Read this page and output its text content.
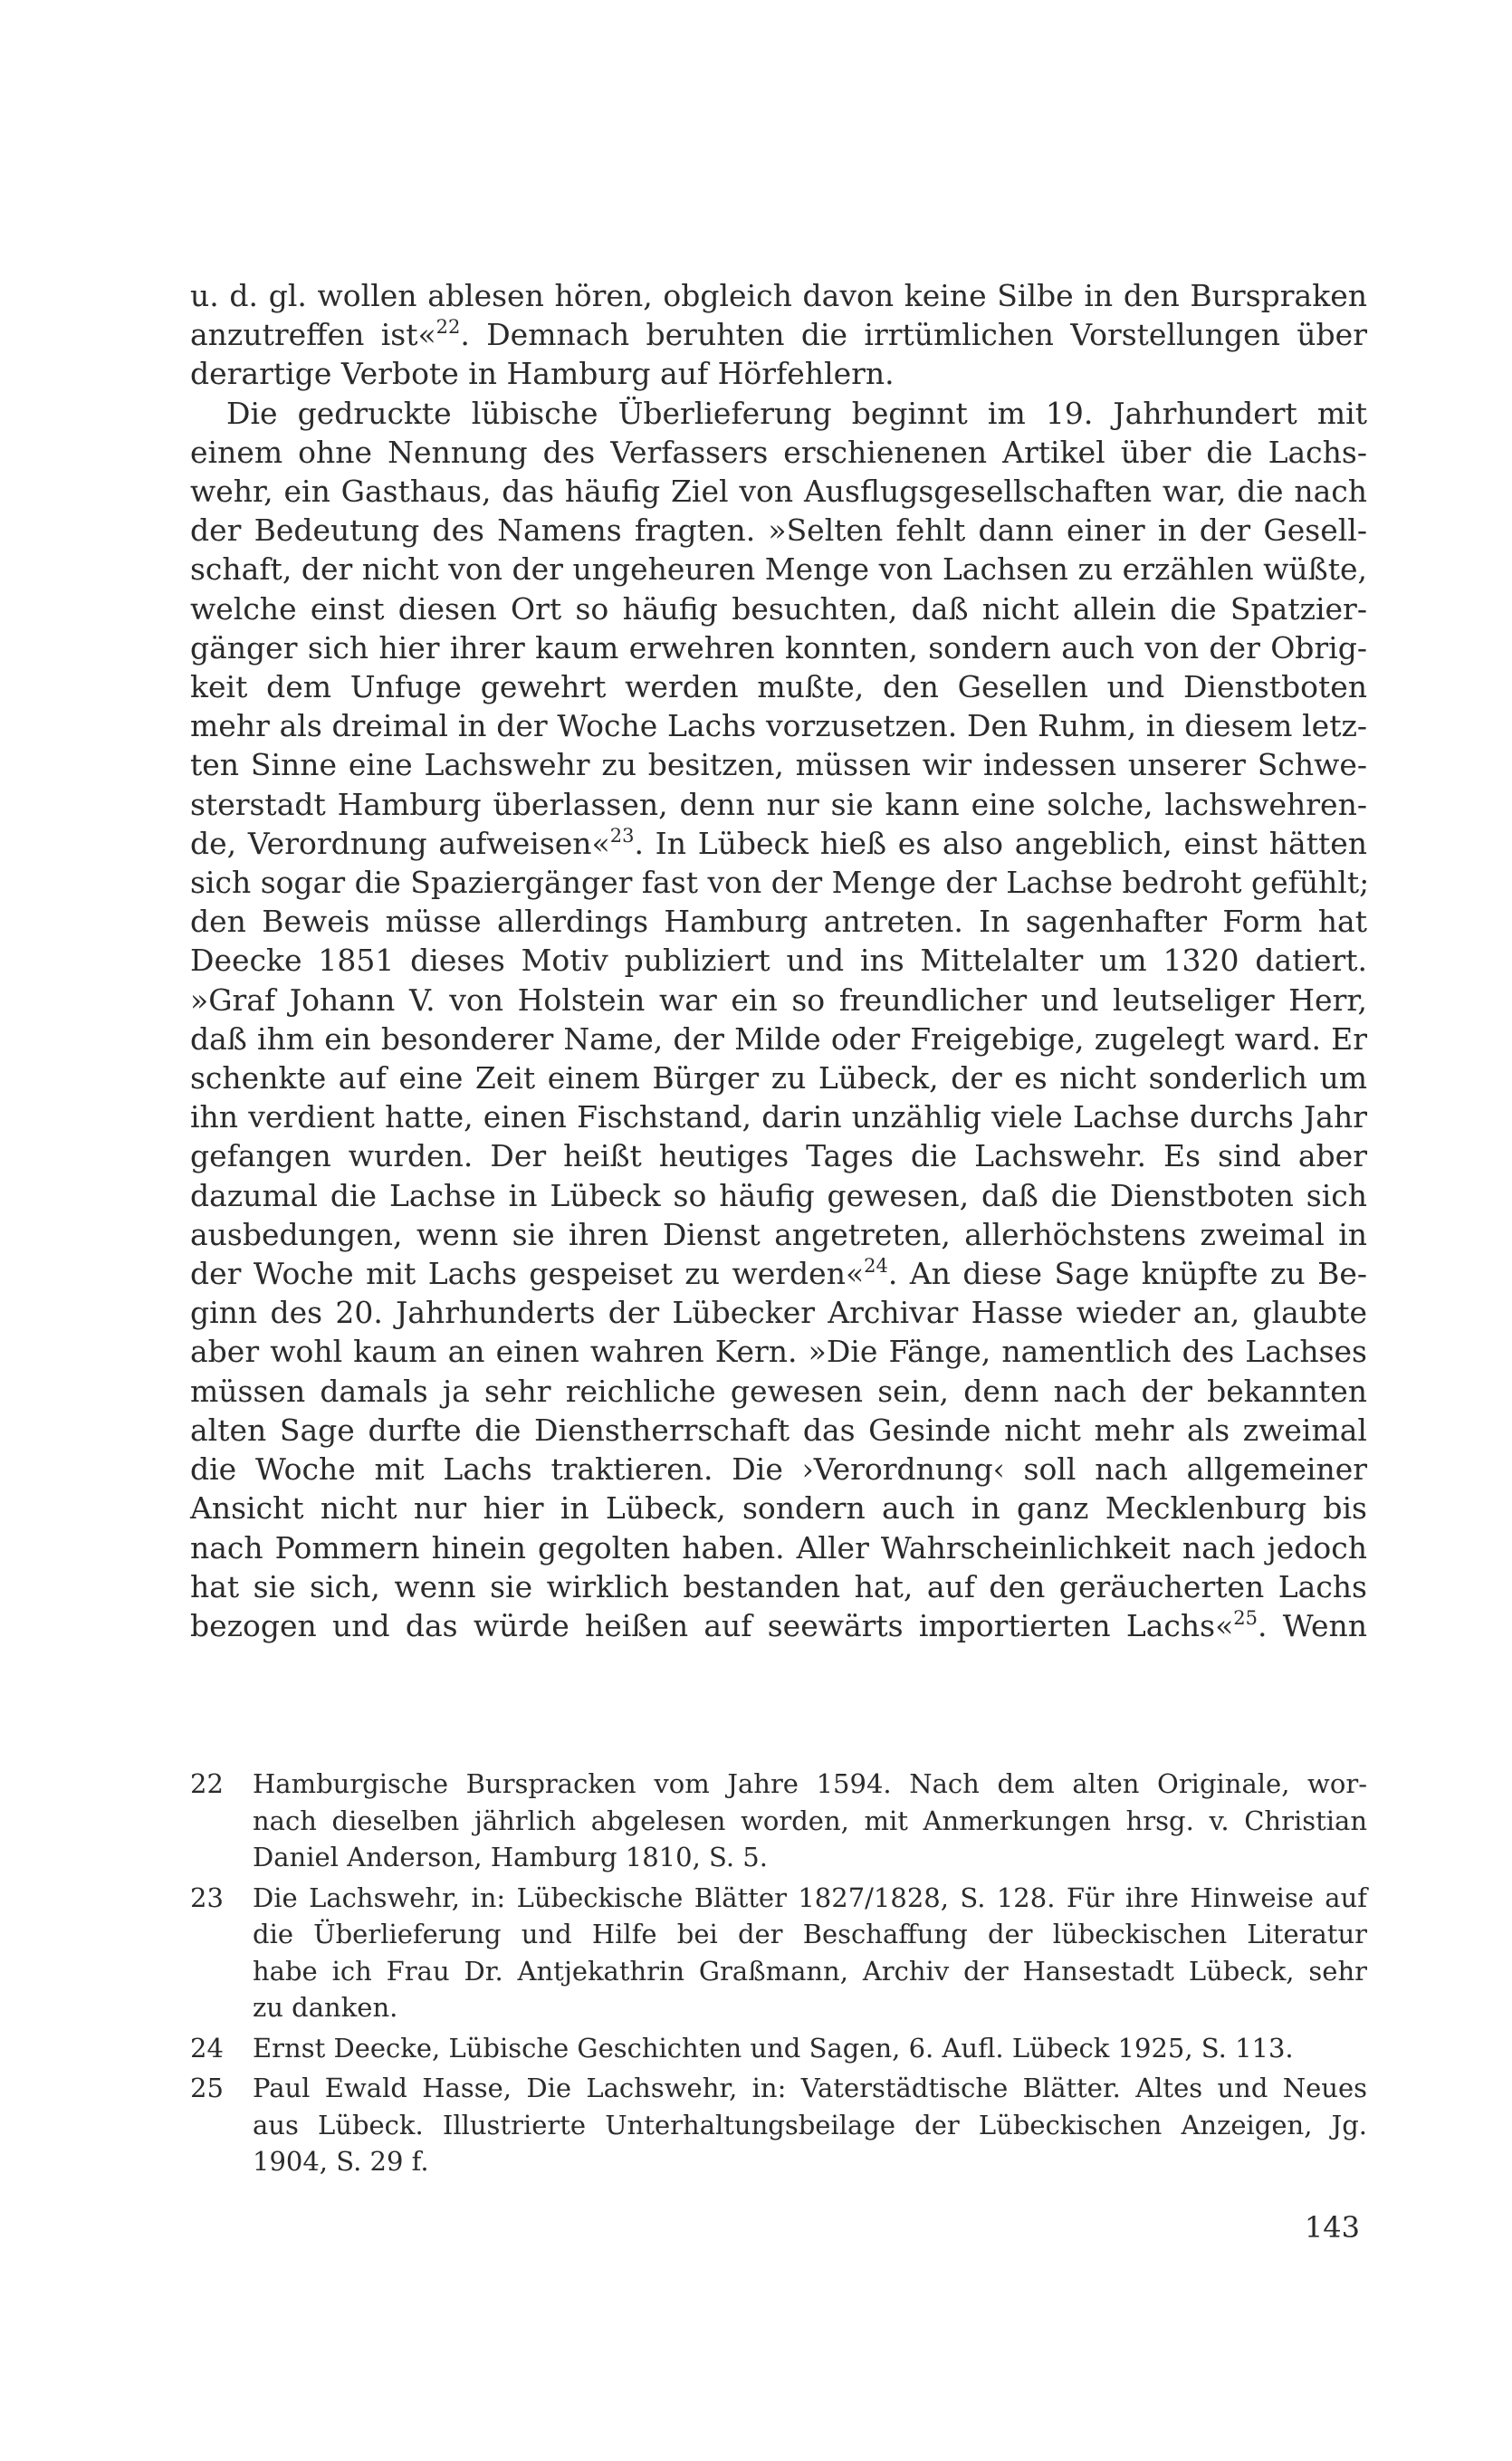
u. d. gl. wollen ablesen hören, obgleich davon keine Silbe in den Burspraken
anzutreffen ist«$^{22}$. Demnach beruhten die irrtümlichen Vorstellungen über
derartige Verbote in Hamburg auf Hörfehlern.
Die gedruckte lübische Überlieferung beginnt im 19. Jahrhundert mit
einem ohne Nennung des Verfassers erschienenen Artikel über die Lachs-
wehr, ein Gasthaus, das häufig Ziel von Ausflugsgesellschaften war, die nach
der Bedeutung des Namens fragten. »Selten fehlt dann einer in der Gesell-
schaft, der nicht von der ungeheuren Menge von Lachsen zu erzählen wüßte,
welche einst diesen Ort so häufig besuchten, daß nicht allein die Spatzier-
gänger sich hier ihrer kaum erwehren konnten, sondern auch von der Obrig-
keit dem Unfuge gewehrt werden mußte, den Gesellen und Dienstboten
mehr als dreimal in der Woche Lachs vorzusetzen. Den Ruhm, in diesem letz-
ten Sinne eine Lachswehr zu besitzen, müssen wir indessen unserer Schwe-
sterstadt Hamburg überlassen, denn nur sie kann eine solche, lachswehren-
de, Verordnung aufweisen«$^{23}$. In Lübeck hieß es also angeblich, einst hätten
sich sogar die Spaziergänger fast von der Menge der Lachse bedroht gefühlt;
den Beweis müsse allerdings Hamburg antreten. In sagenhafter Form hat
Deecke 1851 dieses Motiv publiziert und ins Mittelalter um 1320 datiert.
»Graf Johann V. von Holstein war ein so freundlicher und leutseliger Herr,
daß ihm ein besonderer Name, der Milde oder Freigebige, zugelegt ward. Er
schenkte auf eine Zeit einem Bürger zu Lübeck, der es nicht sonderlich um
ihn verdient hatte, einen Fischstand, darin unzählig viele Lachse durchs Jahr
gefangen wurden. Der heißt heutiges Tages die Lachswehr. Es sind aber
dazumal die Lachse in Lübeck so häufig gewesen, daß die Dienstboten sich
ausbedungen, wenn sie ihren Dienst angetreten, allerhöchstens zweimal in
der Woche mit Lachs gespeiset zu werden«$^{24}$. An diese Sage knüpfte zu Be-
ginn des 20. Jahrhunderts der Lübecker Archivar Hasse wieder an, glaubte
aber wohl kaum an einen wahren Kern. »Die Fänge, namentlich des Lachses
müssen damals ja sehr reichliche gewesen sein, denn nach der bekannten
alten Sage durfte die Dienstherrschaft das Gesinde nicht mehr als zweimal
die Woche mit Lachs traktieren. Die ›Verordnung‹ soll nach allgemeiner
Ansicht nicht nur hier in Lübeck, sondern auch in ganz Mecklenburg bis
nach Pommern hinein gegolten haben. Aller Wahrscheinlichkeit nach jedoch
hat sie sich, wenn sie wirklich bestanden hat, auf den geräucherten Lachs
bezogen und das würde heißen auf seewärts importierten Lachs«$^{25}$. Wenn
22 Hamburgische Burspracken vom Jahre 1594. Nach dem alten Originale, wor-
nach dieselben jährlich abgelesen worden, mit Anmerkungen hrsg. v. Christian
Daniel Anderson, Hamburg 1810, S. 5.
23 Die Lachswehr, in: Lübeckische Blätter 1827/1828, S. 128. Für ihre Hinweise auf
die Überlieferung und Hilfe bei der Beschaffung der lübeckischen Literatur
habe ich Frau Dr. Antjekathrin Graßmann, Archiv der Hansestadt Lübeck, sehr
zu danken.
24 Ernst Deecke, Lübische Geschichten und Sagen, 6. Aufl. Lübeck 1925, S. 113.
25 Paul Ewald Hasse, Die Lachswehr, in: Vaterstädtische Blätter. Altes und Neues
aus Lübeck. Illustrierte Unterhaltungsbeilage der Lübeckischen Anzeigen, Jg.
1904, S. 29 f.
143
